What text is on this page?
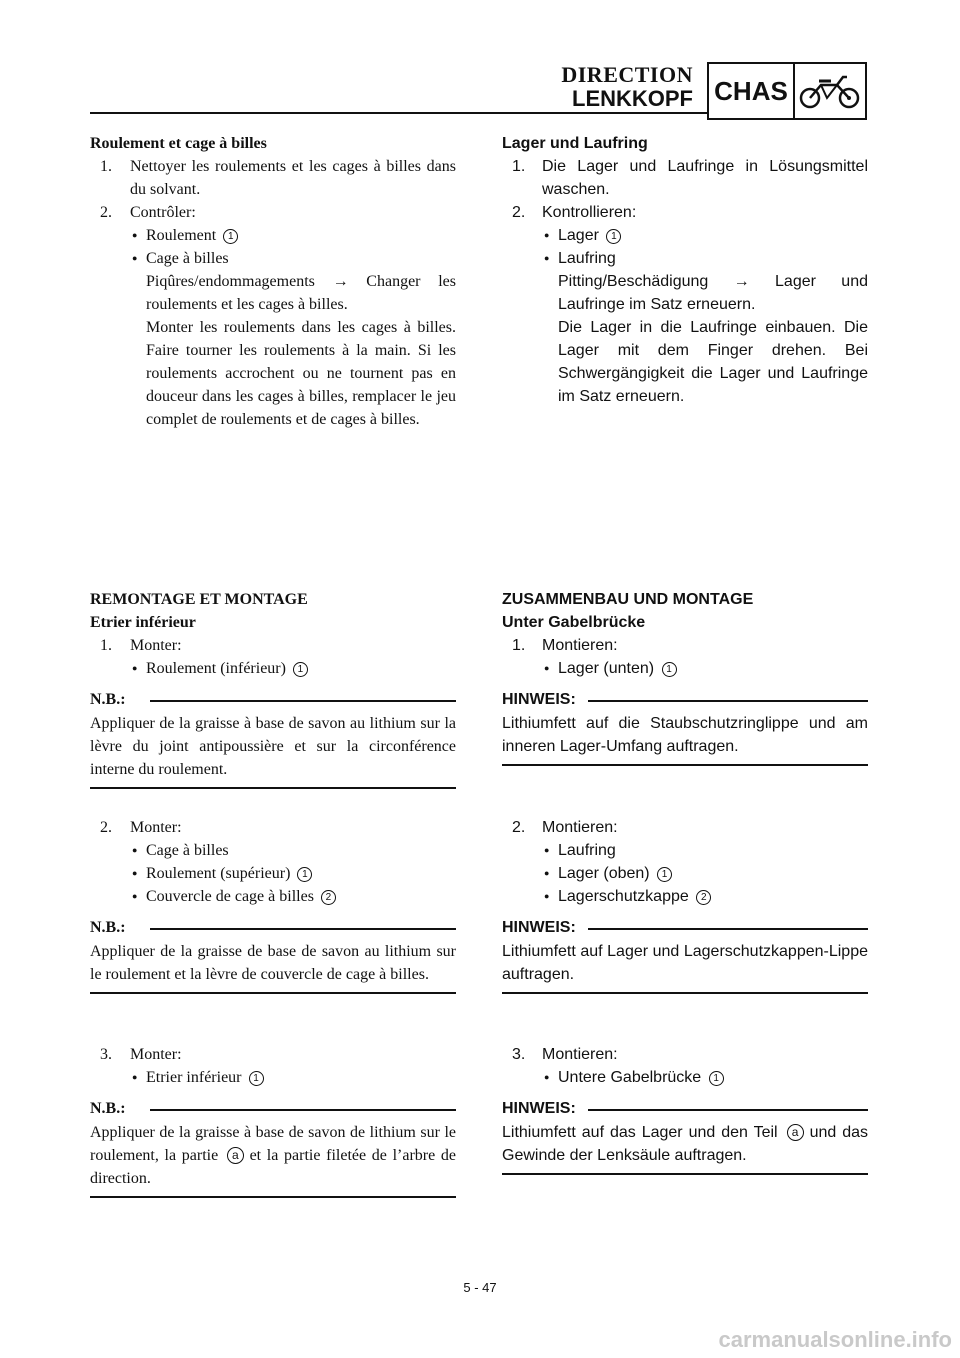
DIRECTION
LENKKOPF CHAS

Roulement et cage à billes

1. Nettoyer les roulements et les cages à billes dans du solvant.
2. Contrôler:
● Roulement 1
● Cage à billes
Piqûres/endommagements → Changer les roulements et les cages à billes.
Monter les roulements dans les cages à billes. Faire tourner les roulements à la main. Si les roulements accrochent ou ne tournent pas en douceur dans les cages à billes, remplacer le jeu complet de roulements et de cages à billes.

Lager und Laufring

1. Die Lager und Laufringe in Lösungsmittel waschen.
2. Kontrollieren:
● Lager 1
● Laufring
Pitting/Beschädigung → Lager und Laufringe im Satz erneuern.
Die Lager in die Laufringe einbauen. Die Lager mit dem Finger drehen. Bei Schwergängigkeit die Lager und Laufringe im Satz erneuern.

REMONTAGE ET MONTAGE

Etrier inférieur

1. Monter:
● Roulement (inférieur) 1
N.B.:
Appliquer de la graisse à base de savon au lithium sur la lèvre du joint antipoussière et sur la circonférence interne du roulement.
2. Monter:
● Cage à billes
● Roulement (supérieur) 1
● Couvercle de cage à billes 2
N.B.:
Appliquer de la graisse de base de savon au lithium sur le roulement et la lèvre de couvercle de cage à billes.
3. Monter:
● Etrier inférieur 1
N.B.:
Appliquer de la graisse à base de savon de lithium sur le roulement, la partie a et la partie filetée de l’arbre de direction.

ZUSAMMENBAU UND MONTAGE

Unter Gabelbrücke

1. Montieren:
● Lager (unten) 1
HINWEIS:
Lithiumfett auf die Staubschutzringlippe und am inneren Lager-Umfang auftragen.
2. Montieren:
● Laufring
● Lager (oben) 1
● Lagerschutzkappe 2
HINWEIS:
Lithiumfett auf Lager und Lagerschutzkappen-Lippe auftragen.
3. Montieren:
● Untere Gabelbrücke 1
HINWEIS:
Lithiumfett auf das Lager und den Teil a und das Gewinde der Lenksäule auftragen.
5 - 47
carmanualsonline.info
